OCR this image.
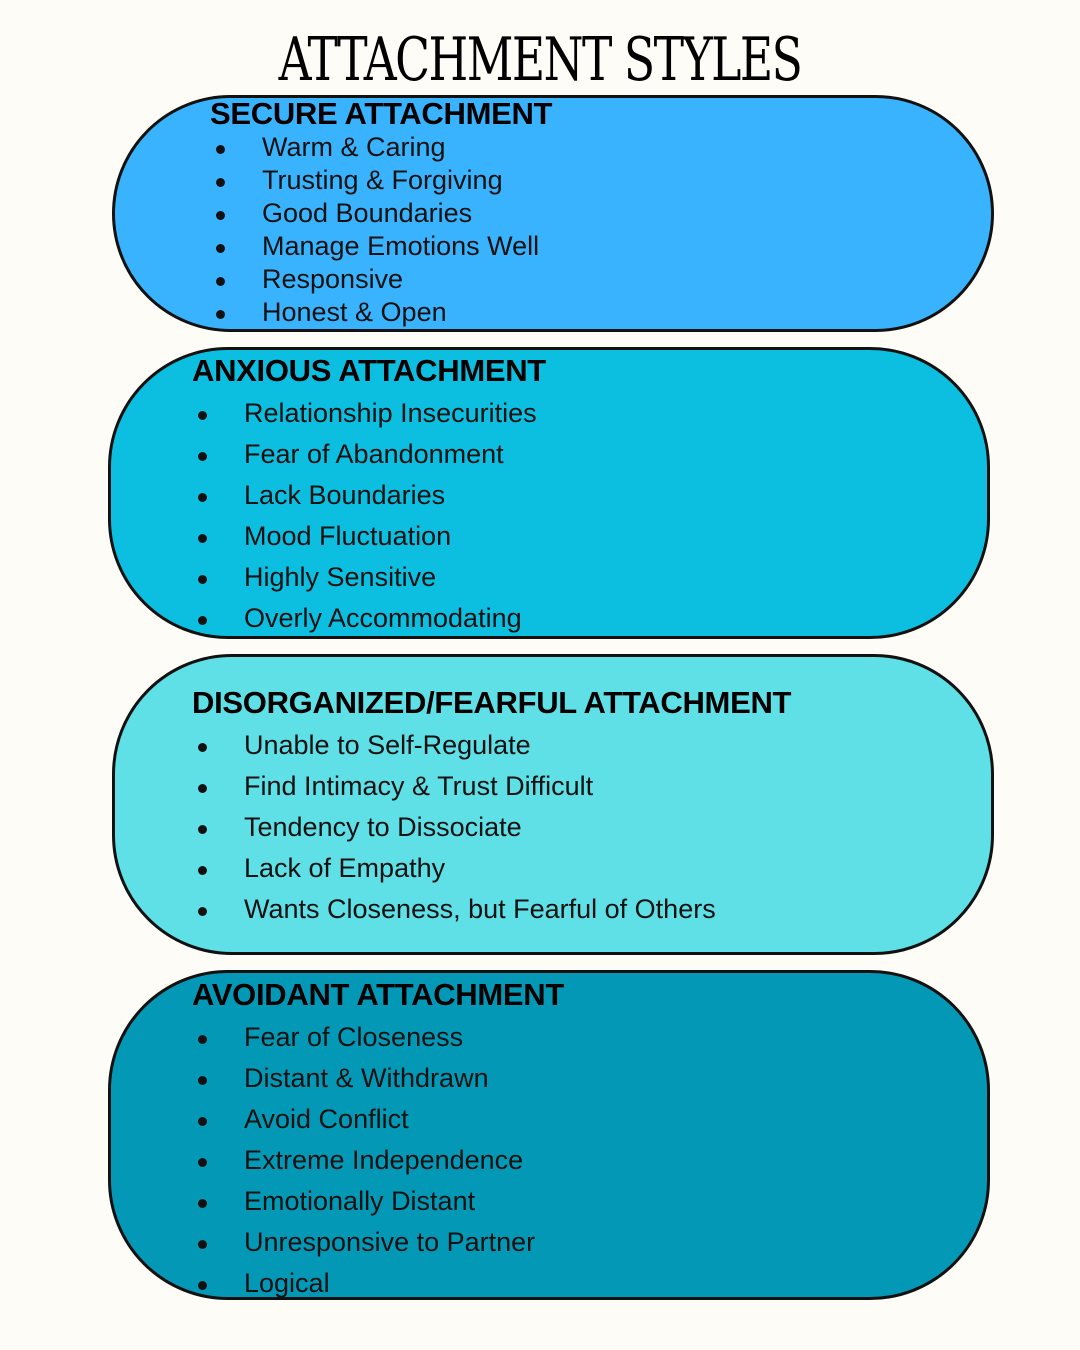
ATTACHMENT STYLES
SECURE ATTACHMENT
Warm & Caring
Trusting & Forgiving
Good Boundaries
Manage Emotions Well
Responsive
Honest & Open
ANXIOUS ATTACHMENT
Relationship Insecurities
Fear of Abandonment
Lack Boundaries
Mood Fluctuation
Highly Sensitive
Overly Accommodating
DISORGANIZED/FEARFUL ATTACHMENT
Unable to Self-Regulate
Find Intimacy & Trust Difficult
Tendency to Dissociate
Lack of Empathy
Wants Closeness, but Fearful of Others
AVOIDANT ATTACHMENT
Fear of Closeness
Distant & Withdrawn
Avoid Conflict
Extreme Independence
Emotionally Distant
Unresponsive to Partner
Logical
